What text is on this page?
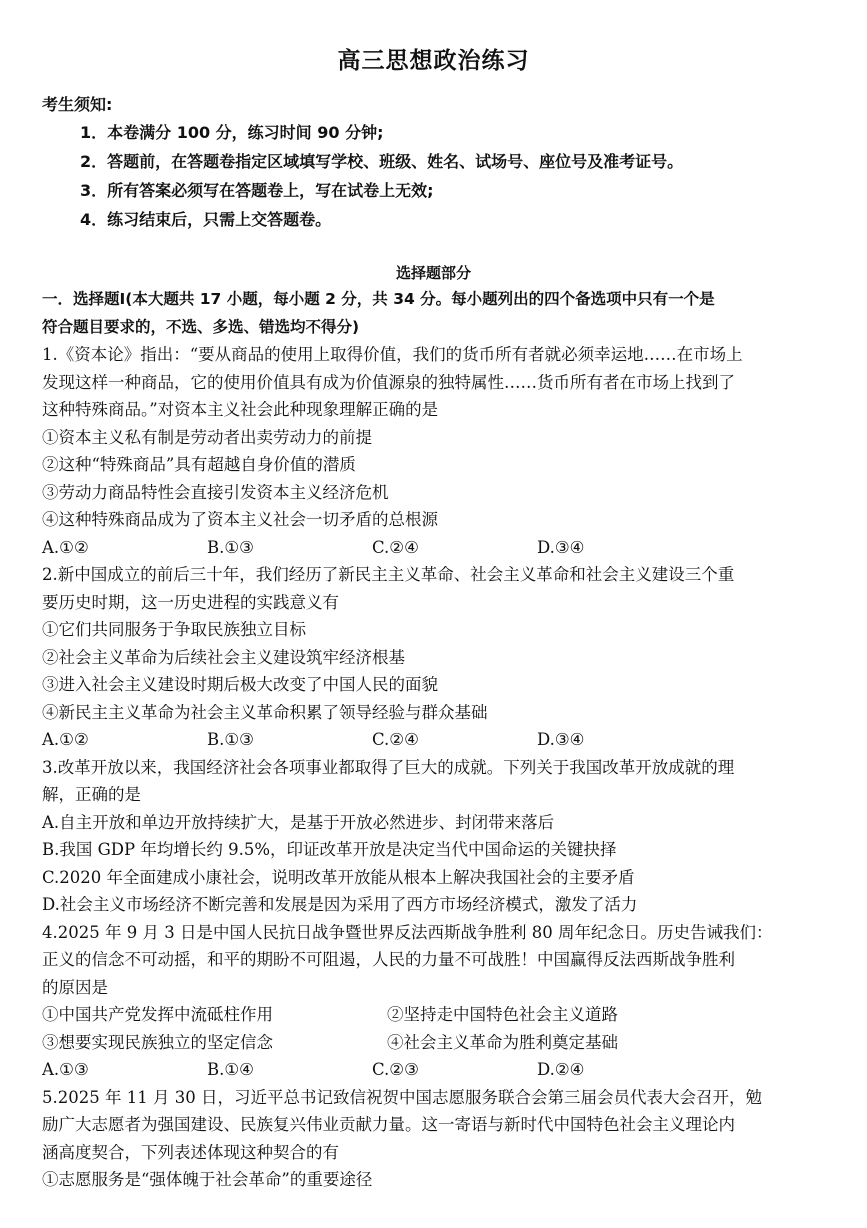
高三思想政治练习
考生须知:
1．本卷满分 100 分，练习时间 90 分钟;
2．答题前，在答题卷指定区域填写学校、班级、姓名、试场号、座位号及准考证号。
3．所有答案必须写在答题卷上，写在试卷上无效;
4．练习结束后，只需上交答题卷。
选择题部分
一．选择题Ⅰ(本大题共 17 小题，每小题 2 分，共 34 分。每小题列出的四个备选项中只有一个是
符合题目要求的，不选、多选、错选均不得分)
1.《资本论》指出：“要从商品的使用上取得价值，我们的货币所有者就必须幸运地……在市场上
发现这样一种商品，它的使用价值具有成为价值源泉的独特属性……货币所有者在市场上找到了
这种特殊商品。”对资本主义社会此种现象理解正确的是
①资本主义私有制是劳动者出卖劳动力的前提
②这种“特殊商品”具有超越自身价值的潜质
③劳动力商品特性会直接引发资本主义经济危机
④这种特殊商品成为了资本主义社会一切矛盾的总根源
A.①②	B.①③	C.②④	D.③④
2.新中国成立的前后三十年，我们经历了新民主主义革命、社会主义革命和社会主义建设三个重
要历史时期，这一历史进程的实践意义有
①它们共同服务于争取民族独立目标
②社会主义革命为后续社会主义建设筑牢经济根基
③进入社会主义建设时期后极大改变了中国人民的面貌
④新民主主义革命为社会主义革命积累了领导经验与群众基础
A.①②	B.①③	C.②④	D.③④
3.改革开放以来，我国经济社会各项事业都取得了巨大的成就。下列关于我国改革开放成就的理
解，正确的是
A.自主开放和单边开放持续扩大，是基于开放必然进步、封闭带来落后
B.我国 GDP 年均增长约 9.5%，印证改革开放是决定当代中国命运的关键抉择
C.2020 年全面建成小康社会，说明改革开放能从根本上解决我国社会的主要矛盾
D.社会主义市场经济不断完善和发展是因为采用了西方市场经济模式，激发了活力
4.2025 年 9 月 3 日是中国人民抗日战争暨世界反法西斯战争胜利 80 周年纪念日。历史告诫我们：
正义的信念不可动摇，和平的期盼不可阻遏，人民的力量不可战胜！中国赢得反法西斯战争胜利
的原因是
①中国共产党发挥中流砥柱作用	②坚持走中国特色社会主义道路
③想要实现民族独立的坚定信念	④社会主义革命为胜利奠定基础
A.①③	B.①④	C.②③	D.②④
5.2025 年 11 月 30 日，习近平总书记致信祝贺中国志愿服务联合会第三届会员代表大会召开，勉
励广大志愿者为强国建设、民族复兴伟业贡献力量。这一寄语与新时代中国特色社会主义理论内
涵高度契合，下列表述体现这种契合的有
①志愿服务是“强体魄于社会革命”的重要途径
